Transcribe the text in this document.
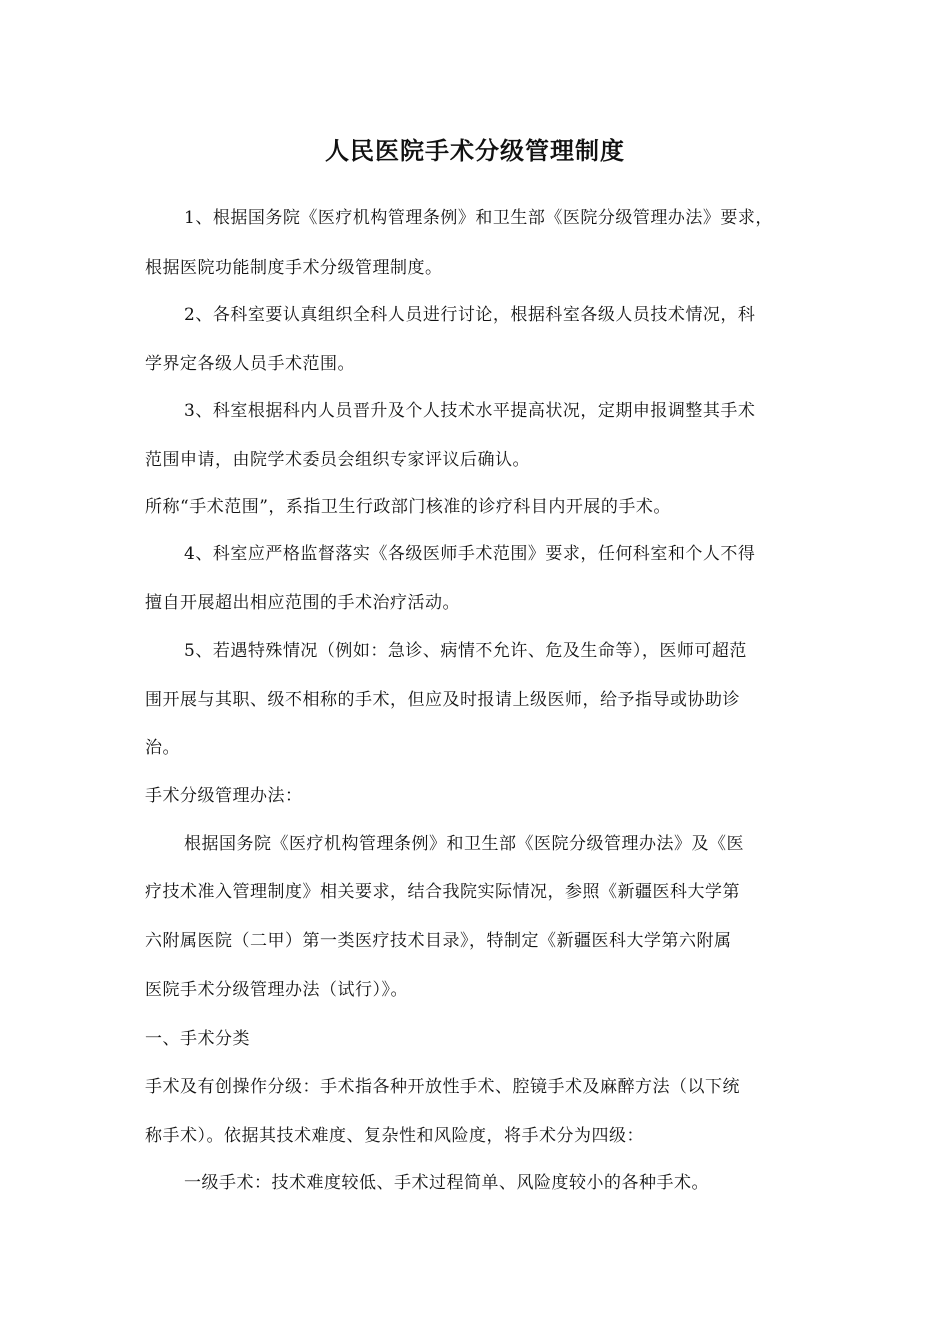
人民医院手术分级管理制度
1、根据国务院《医疗机构管理条例》和卫生部《医院分级管理办法》要求，
根据医院功能制度手术分级管理制度。
2、各科室要认真组织全科人员进行讨论，根据科室各级人员技术情况，科
学界定各级人员手术范围。
3、科室根据科内人员晋升及个人技术水平提高状况，定期申报调整其手术
范围申请，由院学术委员会组织专家评议后确认。
所称“手术范围”，系指卫生行政部门核准的诊疗科目内开展的手术。
4、科室应严格监督落实《各级医师手术范围》要求，任何科室和个人不得
擅自开展超出相应范围的手术治疗活动。
5、若遇特殊情况（例如：急诊、病情不允许、危及生命等），医师可超范
围开展与其职、级不相称的手术，但应及时报请上级医师，给予指导或协助诊
治。
手术分级管理办法：
根据国务院《医疗机构管理条例》和卫生部《医院分级管理办法》及《医
疗技术准入管理制度》相关要求，结合我院实际情况，参照《新疆医科大学第
六附属医院（二甲）第一类医疗技术目录》，特制定《新疆医科大学第六附属
医院手术分级管理办法（试行）》。
一、手术分类
手术及有创操作分级：手术指各种开放性手术、腔镜手术及麻醉方法（以下统
称手术）。依据其技术难度、复杂性和风险度，将手术分为四级：
一级手术：技术难度较低、手术过程简单、风险度较小的各种手术。
